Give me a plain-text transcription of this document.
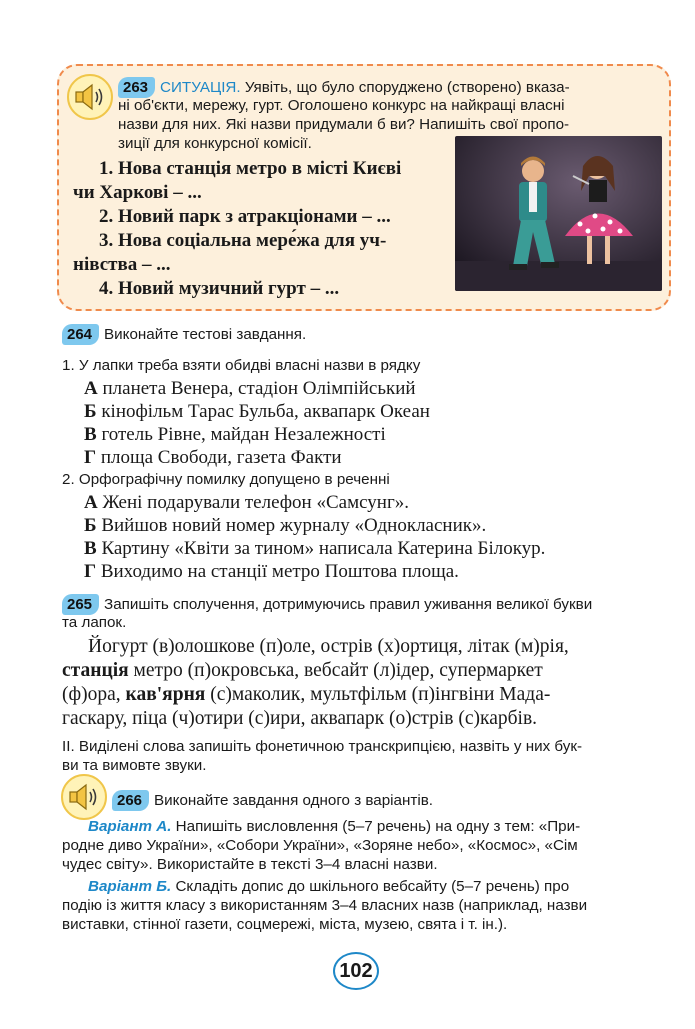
263 СИТУАЦІЯ. Уявіть, що було споруджено (створено) вказа-
ні об'єкти, мережу, гурт. Оголошено конкурс на найкращі власні
назви для них. Які назви придумали б ви? Напишіть свої пропо-
зиції для конкурсної комісії.
1. Нова станція метро в місті Києві
чи Харкові – ...
2. Новий парк з атракціонами – ...
3. Нова соціальна мере́жа для уч-
нівства – ...
4. Новий музичний гурт – ...
264 Виконайте тестові завдання.
1. У лапки треба взяти обидві власні назви в рядку
А планета Венера, стадіон Олімпійський
Б кінофільм Тарас Бульба, аквапарк Океан
В готель Рівне, майдан Незалежності
Г площа Свободи, газета Факти
2. Орфографічну помилку допущено в реченні
А Жені подарували телефон «Самсунг».
Б Вийшов новий номер журналу «Однокласник».
В Картину «Квіти за тином» написала Катерина Білокур.
Г Виходимо на станції метро Поштова площа.
265 Запишіть сполучення, дотримуючись правил уживання великої букви
та лапок.
Йогурт (в)олошкове (п)оле, острів (х)ортиця, літак (м)рія,
станція метро (п)окровська, вебсайт (л)ідер, супермаркет
(ф)ора, кав'ярня (с)маколик, мультфільм (п)інгвіни Мада-
гаскару, піца (ч)отири (с)ири, аквапарк (о)стрів (с)карбів.
ІІ. Виділені слова запишіть фонетичною транскрипцією, назвіть у них бук-
ви та вимовте звуки.
266 Виконайте завдання одного з варіантів.
Варіант А. Напишіть висловлення (5–7 речень) на одну з тем: «При-
родне диво України», «Собори України», «Зоряне небо», «Космос», «Сім
чудес світу». Використайте в тексті 3–4 власні назви.
Варіант Б. Складіть допис до шкільного вебсайту (5–7 речень) про
подію із життя класу з використанням 3–4 власних назв (наприклад, назви
виставки, стінної газети, соцмережі, міста, музею, свята і т. ін.).
102
